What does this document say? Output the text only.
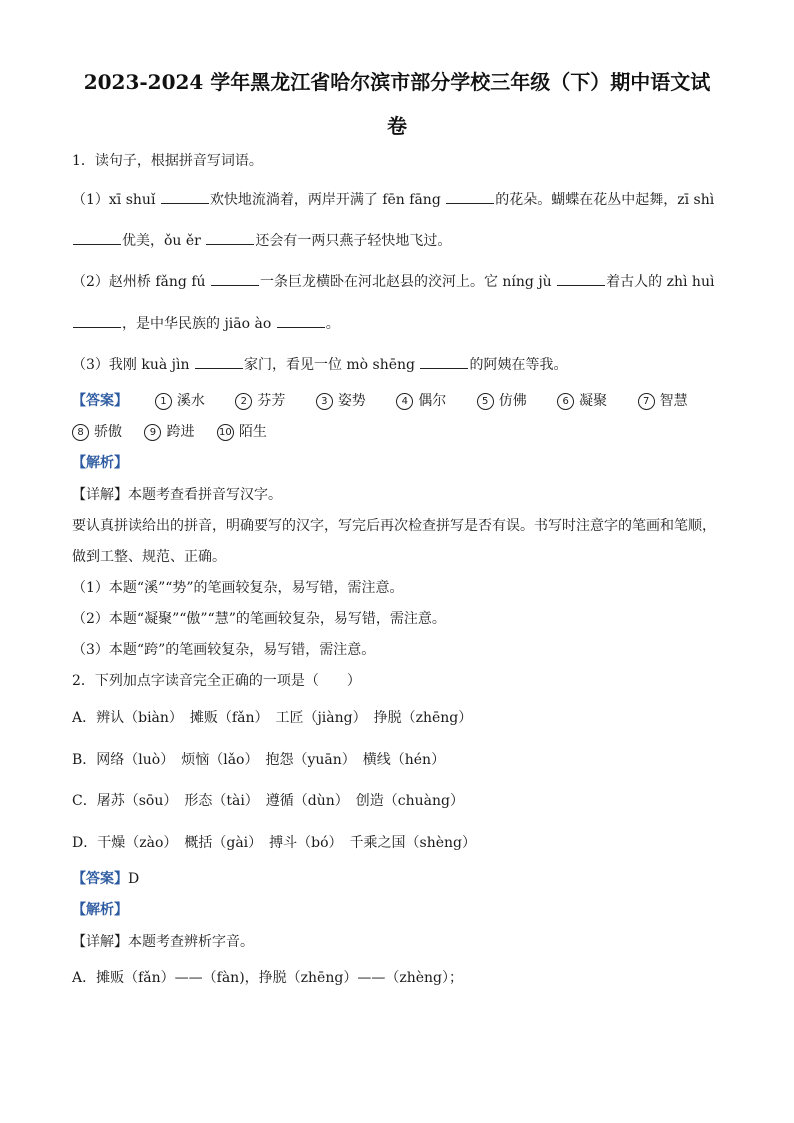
2023-2024 学年黑龙江省哈尔滨市部分学校三年级（下）期中语文试
卷
1．读句子，根据拼音写词语。
（1）xī shuǐ	欢快地流淌着，两岸开满了 fēn fāng	的花朵。蝴蝶在花丛中起舞，zī shì
优美，ǒu ěr	还会有一两只燕子轻快地飞过。
（2）赵州桥 fǎng fú	一条巨龙横卧在河北赵县的洨河上。它 níng jù	着古人的 zhì huì
，是中华民族的 jiāo ào	。
（3）我刚 kuà jìn	家门，看见一位 mò shēng	的阿姨在等我。
【答案】	1 溪水	2 芬芳	3 姿势	4 偶尔	5 仿佛	6 凝聚	7 智慧
8 骄傲	9 跨进 10 陌生
【解析】
【详解】本题考查看拼音写汉字。
要认真拼读给出的拼音，明确要写的汉字，写完后再次检查拼写是否有误。书写时注意字的笔画和笔顺，
做到工整、规范、正确。
（1）本题“溪”“势”的笔画较复杂，易写错，需注意。
（2）本题“凝聚”“傲”“慧”的笔画较复杂，易写错，需注意。
（3）本题“跨”的笔画较复杂，易写错，需注意。
2．下列加点字读音完全正确的一项是（　　）
A．辨认（biàn）　摊贩（fǎn）　工匠（jiàng）　挣脱（zhēng）
B．网络（luò）　烦恼（lǎo）　抱怨（yuān）　横线（hén）
C．屠苏（sōu）　形态（tài）　遵循（dùn）　创造（chuàng）
D．干燥（zào）　概括（gài）　搏斗（bó）　千乘之国（shèng）
【答案】D
【解析】
【详解】本题考查辨析字音。
A．摊贩（fǎn）——（fàn)，挣脱（zhēng）——（zhèng）；
